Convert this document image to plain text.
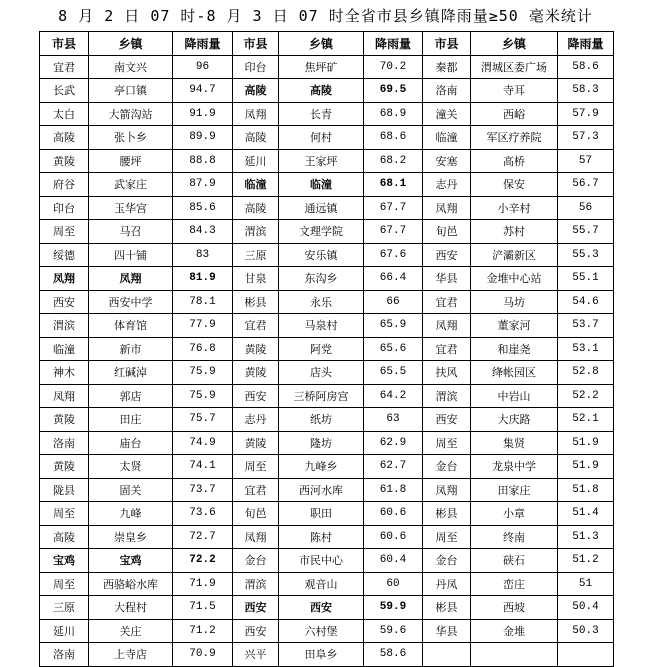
8 月 2 日 07 时-8 月 3 日 07 时全省市县乡镇降雨量≥50 毫米统计
市县	乡镇	降雨量	市县	乡镇	降雨量	市县	乡镇	降雨量
宜君	南文兴	96	印台	焦坪矿	70.2	秦都	渭城区委广场	58.6
长武	亭口镇	94.7	高陵	高陵	69.5	洛南	寺耳	58.3
太白	大箭沟站	91.9	凤翔	长青	68.9	潼关	西峪	57.9
高陵	张卜乡	89.9	高陵	何村	68.6	临潼	军区疗养院	57.3
黄陵	腰坪	88.8	延川	王家坪	68.2	安塞	高桥	57
府谷	武家庄	87.9	临潼	临潼	68.1	志丹	保安	56.7
印台	玉华宫	85.6	高陵	通远镇	67.7	凤翔	小辛村	56
周至	马召	84.3	渭滨	文理学院	67.7	旬邑	苏村	55.7
绥德	四十铺	83	三原	安乐镇	67.6	西安	浐灞新区	55.3
凤翔	凤翔	81.9	甘泉	东沟乡	66.4	华县	金堆中心站	55.1
西安	西安中学	78.1	彬县	永乐	66	宜君	马坊	54.6
渭滨	体育馆	77.9	宜君	马泉村	65.9	凤翔	董家河	53.7
临潼	新市	76.8	黄陵	阿党	65.6	宜君	和崖尧	53.1
神木	红碱淖	75.9	黄陵	店头	65.5	扶风	绛帐园区	52.8
凤翔	郭店	75.9	西安	三桥阿房宫	64.2	渭滨	中岩山	52.2
黄陵	田庄	75.7	志丹	纸坊	63	西安	大庆路	52.1
洛南	庙台	74.9	黄陵	隆坊	62.9	周至	集贤	51.9
黄陵	太贤	74.1	周至	九峰乡	62.7	金台	龙泉中学	51.9
陇县	固关	73.7	宜君	西河水库	61.8	凤翔	田家庄	51.8
周至	九峰	73.6	旬邑	职田	60.6	彬县	小章	51.4
高陵	崇皇乡	72.7	凤翔	陈村	60.6	周至	终南	51.3
宝鸡	宝鸡	72.2	金台	市民中心	60.4	金台	硖石	51.2
周至	西骆峪水库	71.9	渭滨	观音山	60	丹凤	峦庄	51
三原	大程村	71.5	西安	西安	59.9	彬县	西坡	50.4
延川	关庄	71.2	西安	六村堡	59.6	华县	金堆	50.3
洛南	上寺店	70.9	兴平	田阜乡	58.6			
